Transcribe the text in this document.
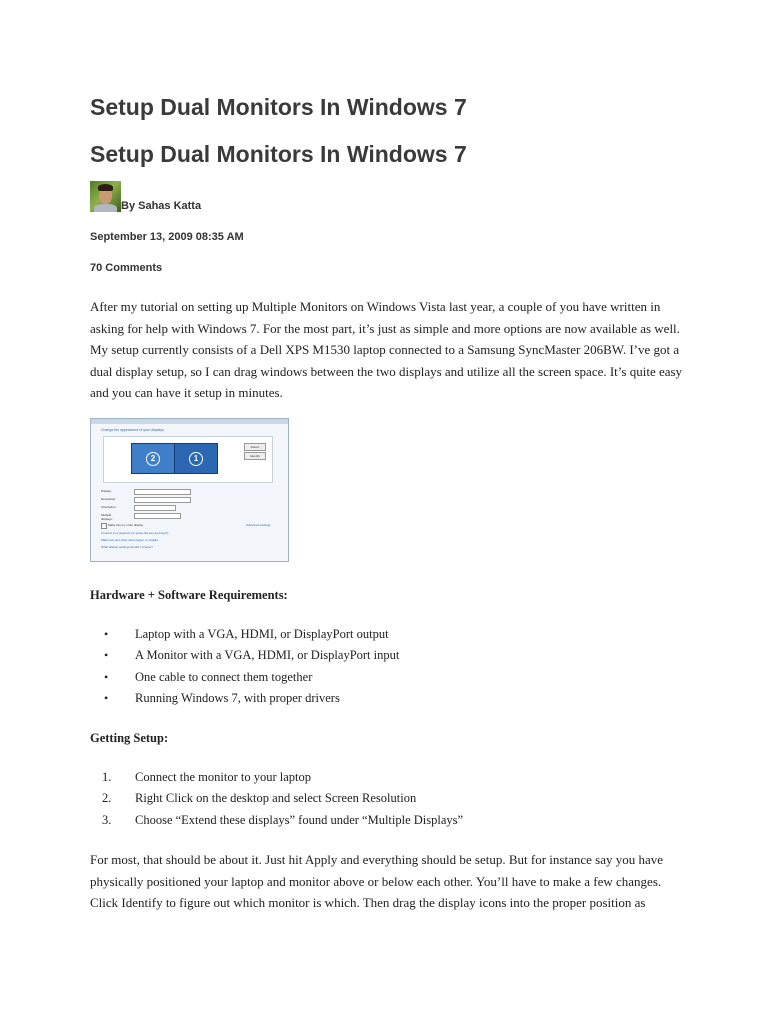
Setup Dual Monitors In Windows 7
Setup Dual Monitors In Windows 7
By Sahas Katta
September 13, 2009 08:35 AM
70 Comments

After my tutorial on setting up Multiple Monitors on Windows Vista last year, a couple of you have written in asking for help with Windows 7. For the most part, it’s just as simple and more options are now available as well. My setup currently consists of a Dell XPS M1530 laptop connected to a Samsung SyncMaster 206BW. I’ve got a dual display setup, so I can drag windows between the two displays and utilize all the screen space. It’s quite easy and you can have it setup in minutes.

Change the appearance of your displays
2	1
Detect
Identify
Display:
Resolution:
Orientation:
Multiple displays:
Make this my main display	Advanced settings
Connect to a projector (or press the key and tap P)
Make text and other items larger or smaller
What display settings should I choose?
Hardware + Software Requirements:
• Laptop with a VGA, HDMI, or DisplayPort output
• A Monitor with a VGA, HDMI, or DisplayPort input
• One cable to connect them together
• Running Windows 7, with proper drivers
Getting Setup:
1. Connect the monitor to your laptop
2. Right Click on the desktop and select Screen Resolution
3. Choose “Extend these displays” found under “Multiple Displays”

For most, that should be about it. Just hit Apply and everything should be setup. But for instance say you have physically positioned your laptop and monitor above or below each other. You’ll have to make a few changes. Click Identify to figure out which monitor is which. Then drag the display icons into the proper position as
